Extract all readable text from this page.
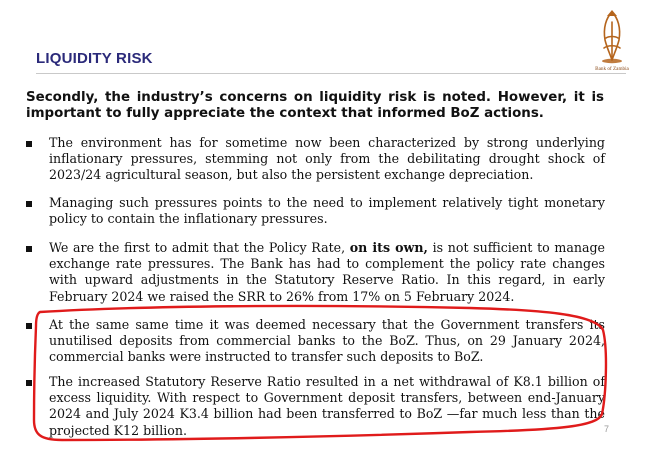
LIQUIDITY RISK
Bank of Zambia
Secondly, the industry’s concerns on liquidity risk is noted. However, it is important to fully appreciate the context that informed BoZ actions.
The environment has for sometime now been characterized by strong underlying inflationary pressures, stemming not only from the debilitating drought shock of 2023/24 agricultural season, but also the persistent exchange depreciation.
Managing such pressures points to the need to implement relatively tight monetary policy to contain the inflationary pressures.
We are the first to admit that the Policy Rate, on its own, is not sufficient to manage exchange rate pressures. The Bank has had to complement the policy rate changes with upward adjustments in the Statutory Reserve Ratio. In this regard, in early February 2024 we raised the SRR to 26% from 17% on 5 February 2024.
At the same same time it was deemed necessary that the Government transfers its unutilised deposits from commercial banks to the BoZ. Thus, on 29 January 2024, commercial banks were instructed to transfer such deposits to BoZ.
The increased Statutory Reserve Ratio resulted in a net withdrawal of K8.1 billion of excess liquidity. With respect to Government deposit transfers, between end-January 2024 and July 2024 K3.4 billion had been transferred to BoZ —far much less than the projected K12 billion.	7
